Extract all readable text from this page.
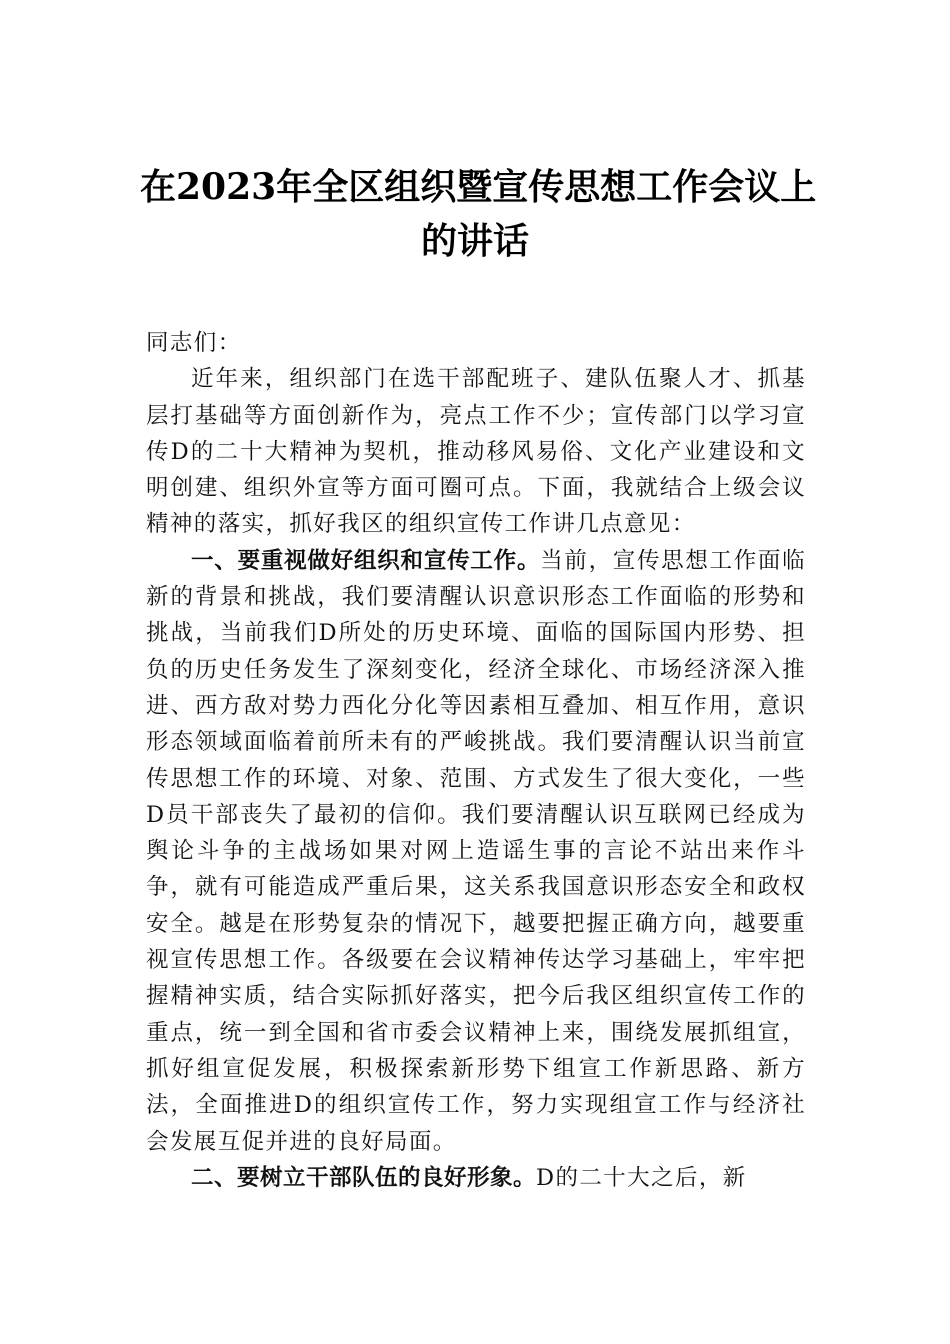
在2023年全区组织暨宣传思想工作会议上
的讲话

同志们：

近年来，组织部门在选干部配班子、建队伍聚人才、抓基层打基础等方面创新作为，亮点工作不少；宣传部门以学习宣传D的二十大精神为契机，推动移风易俗、文化产业建设和文明创建、组织外宣等方面可圈可点。下面，我就结合上级会议精神的落实，抓好我区的组织宣传工作讲几点意见：

一、要重视做好组织和宣传工作。当前，宣传思想工作面临新的背景和挑战，我们要清醒认识意识形态工作面临的形势和挑战，当前我们D所处的历史环境、面临的国际国内形势、担负的历史任务发生了深刻变化，经济全球化、市场经济深入推进、西方敌对势力西化分化等因素相互叠加、相互作用，意识形态领域面临着前所未有的严峻挑战。我们要清醒认识当前宣传思想工作的环境、对象、范围、方式发生了很大变化，一些D员干部丧失了最初的信仰。我们要清醒认识互联网已经成为舆论斗争的主战场如果对网上造谣生事的言论不站出来作斗争，就有可能造成严重后果，这关系我国意识形态安全和政权安全。越是在形势复杂的情况下，越要把握正确方向，越要重视宣传思想工作。各级要在会议精神传达学习基础上，牢牢把握精神实质，结合实际抓好落实，把今后我区组织宣传工作的重点，统一到全国和省市委会议精神上来，围绕发展抓组宣，抓好组宣促发展，积极探索新形势下组宣工作新思路、新方法，全面推进D的组织宣传工作，努力实现组宣工作与经济社会发展互促并进的良好局面。

二、要树立干部队伍的良好形象。D的二十大之后，新
